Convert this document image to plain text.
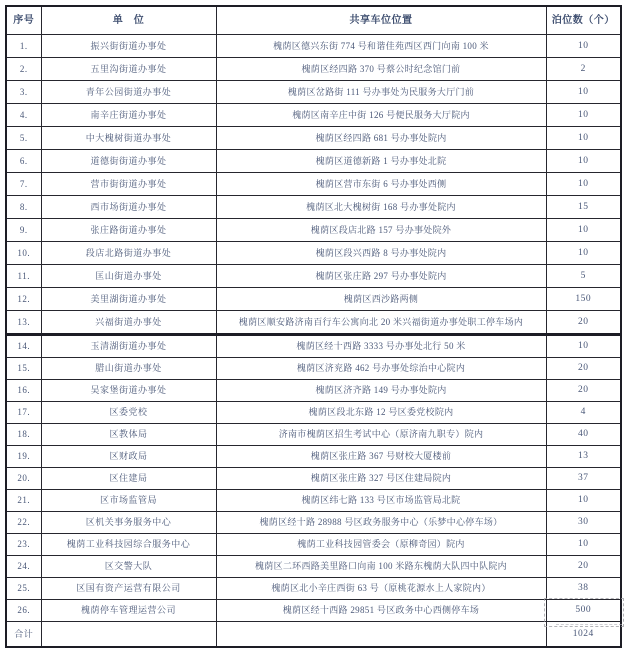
序号	单　位	共享车位位置	泊位数（个）
1.	振兴街街道办事处	槐荫区德兴东街 774 号和谐佳苑西区西门向南 100 米	10
2.	五里沟街道办事处	槐荫区经四路 370 号蔡公时纪念馆门前	2
3.	青年公园街道办事处	槐荫区岔路街 111 号办事处为民服务大厅门前	10
4.	南辛庄街道办事处	槐荫区南辛庄中街 126 号便民服务大厅院内	10
5.	中大槐树街道办事处	槐荫区经四路 681 号办事处院内	10
6.	道德街街道办事处	槐荫区道德新路 1 号办事处北院	10
7.	营市街街道办事处	槐荫区营市东街 6 号办事处西侧	10
8.	西市场街道办事处	槐荫区北大槐树街 168 号办事处院内	15
9.	张庄路街道办事处	槐荫区段店北路 157 号办事处院外	10
10.	段店北路街道办事处	槐荫区段兴西路 8 号办事处院内	10
11.	匡山街道办事处	槐荫区张庄路 297 号办事处院内	5
12.	美里湖街道办事处	槐荫区西沙路两侧	150
13.	兴福街道办事处	槐荫区顺安路济南百行车公寓向北 20 米兴福街道办事处职工停车场内	20
14.	玉清湖街道办事处	槐荫区经十西路 3333 号办事处北行 50 米	10
15.	腊山街道办事处	槐荫区济兖路 462 号办事处综治中心院内	20
16.	吴家堡街道办事处	槐荫区济齐路 149 号办事处院内	20
17.	区委党校	槐荫区段北东路 12 号区委党校院内	4
18.	区教体局	济南市槐荫区招生考试中心（原济南九职专）院内	40
19.	区财政局	槐荫区张庄路 367 号财校大厦楼前	13
20.	区住建局	槐荫区张庄路 327 号区住建局院内	37
21.	区市场监管局	槐荫区纬七路 133 号区市场监管局北院	10
22.	区机关事务服务中心	槐荫区经十路 28988 号区政务服务中心（乐梦中心停车场）	30
23.	槐荫工业科技园综合服务中心	槐荫工业科技园管委会（原柳奇园）院内	10
24.	区交警大队	槐荫区二环西路美里路口向南 100 米路东槐荫大队四中队院内	20
25.	区国有资产运营有限公司	槐荫区北小辛庄西街 63 号（原桃花源水上人家院内）	38
26.	槐荫停车管理运营公司	槐荫区经十西路 29851 号区政务中心西侧停车场	500
合计			1024
